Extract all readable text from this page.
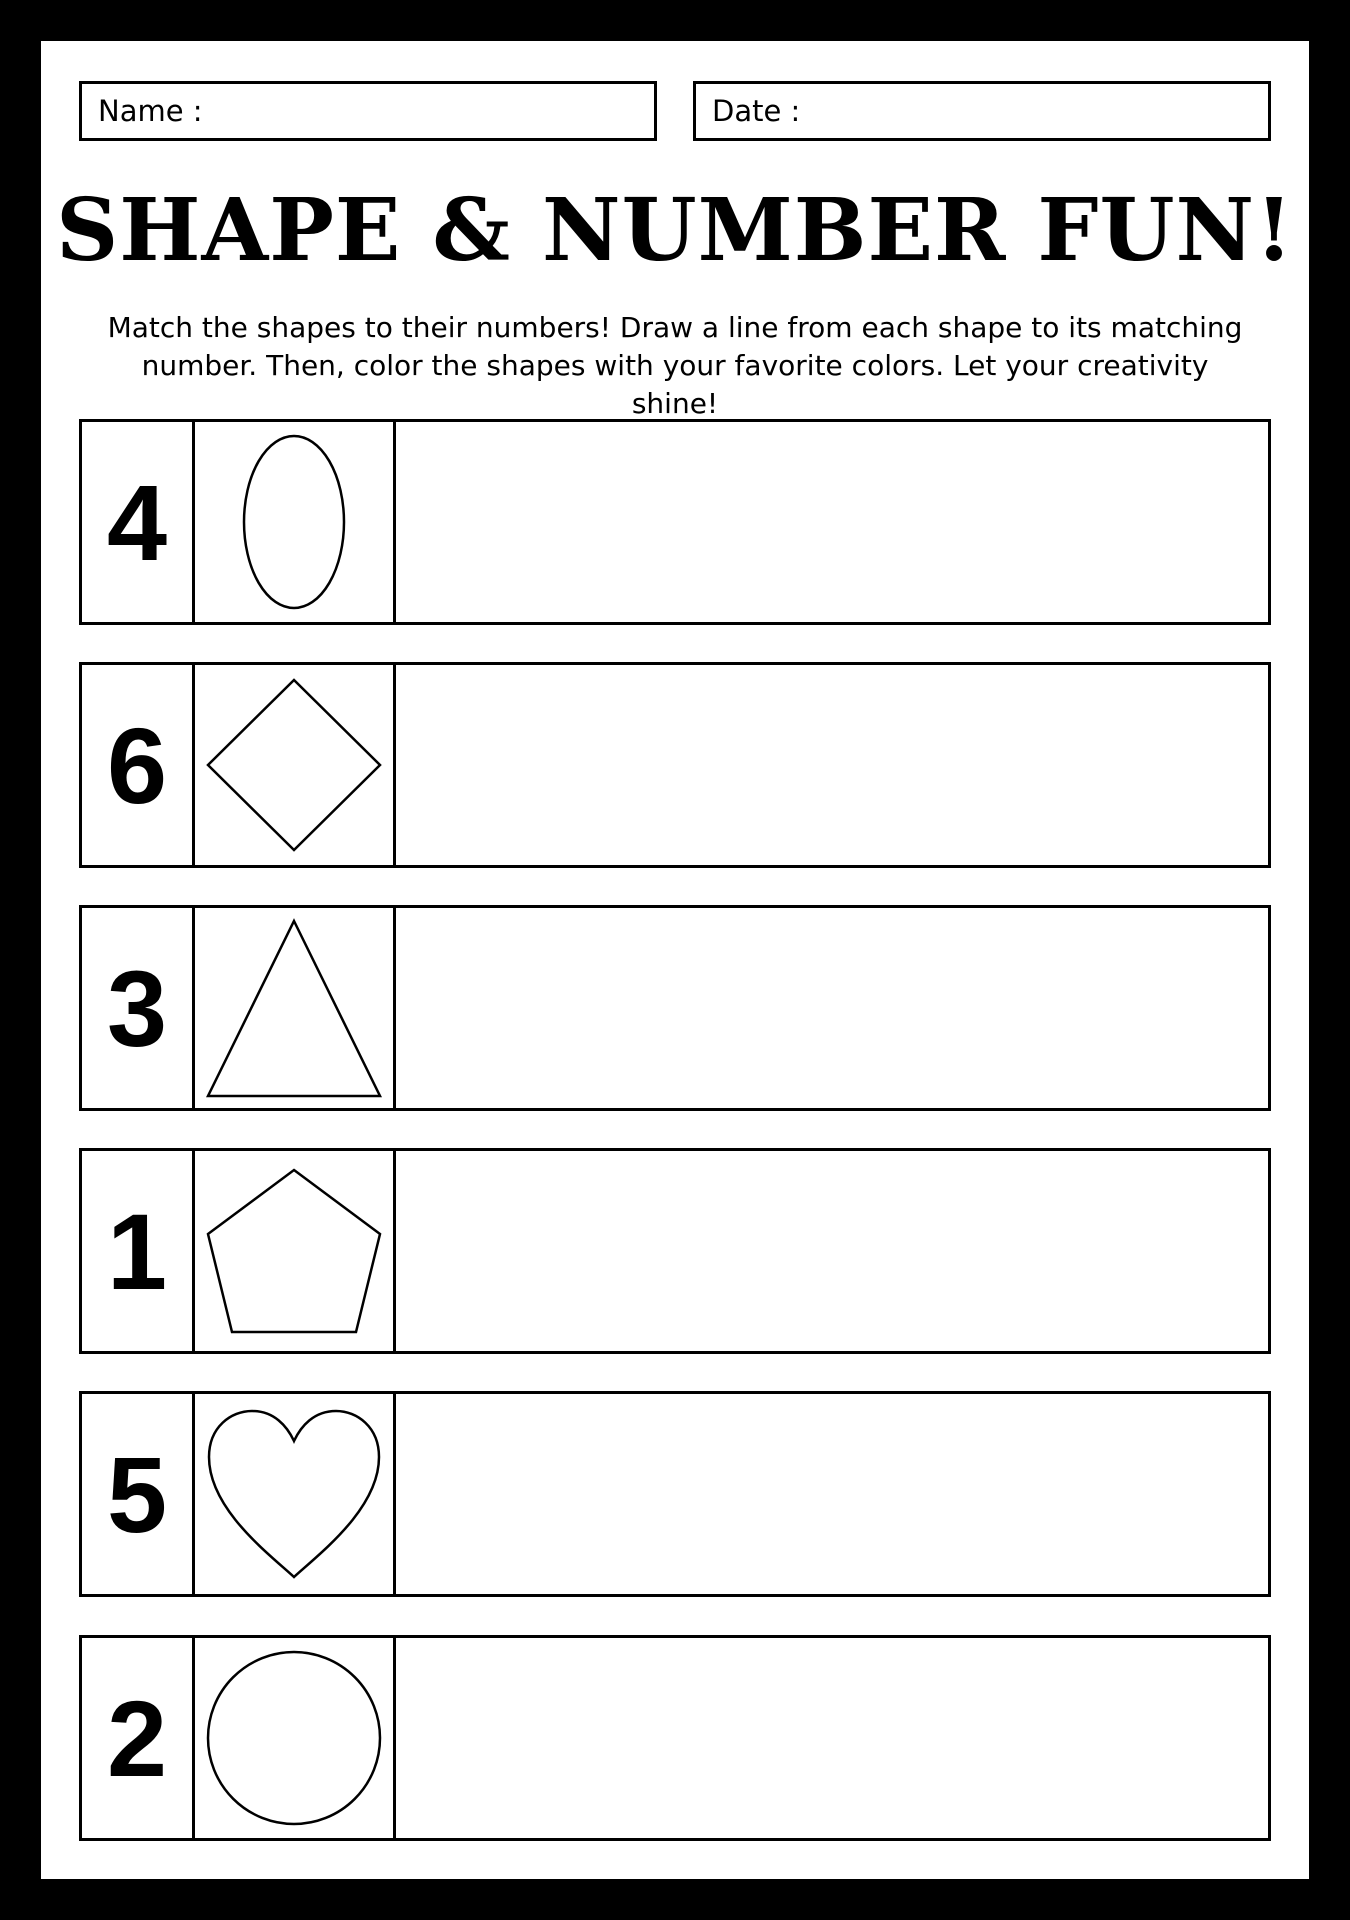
Name :	Date :
SHAPE & NUMBER FUN!
Match the shapes to their numbers! Draw a line from each shape to its matching number. Then, color the shapes with your favorite colors. Let your creativity shine!
4
6
3
1
5
2
